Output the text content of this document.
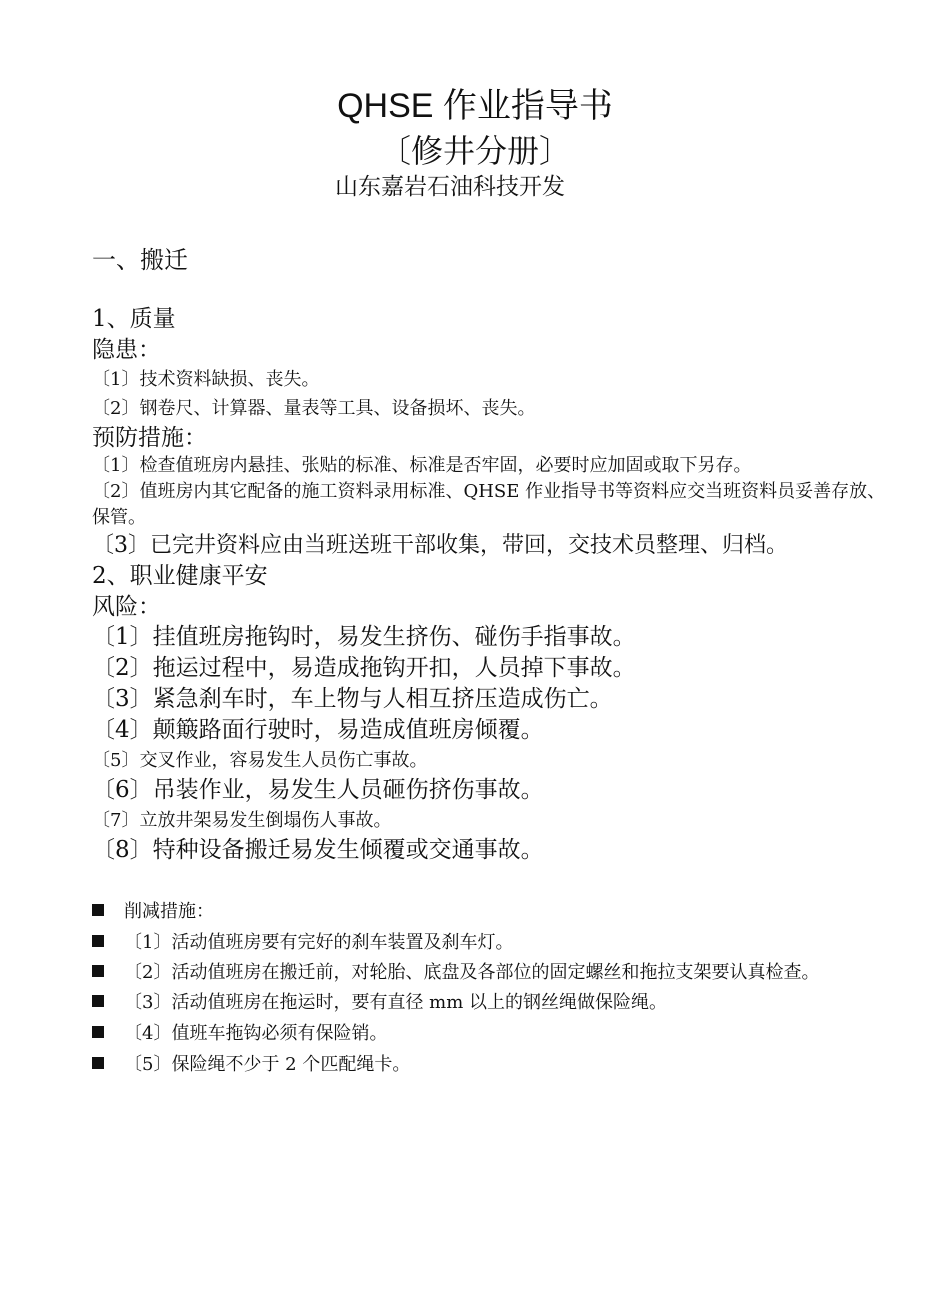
QHSE 作业指导书
〔修井分册〕
山东嘉岩石油科技开发

一、搬迁

1、质量

隐患：

〔1〕技术资料缺损、丧失。

〔2〕钢卷尺、计算器、量表等工具、设备损坏、丧失。

预防措施：

〔1〕检查值班房内悬挂、张贴的标准、标准是否牢固，必要时应加固或取下另存。

〔2〕值班房内其它配备的施工资料录用标准、QHSE 作业指导书等资料应交当班资料员妥善存放、保管。

〔3〕已完井资料应由当班送班干部收集，带回，交技术员整理、归档。

2、职业健康平安

风险：

〔1〕挂值班房拖钩时，易发生挤伤、碰伤手指事故。

〔2〕拖运过程中，易造成拖钩开扣，人员掉下事故。

〔3〕紧急刹车时，车上物与人相互挤压造成伤亡。

〔4〕颠簸路面行驶时，易造成值班房倾覆。

〔5〕交叉作业，容易发生人员伤亡事故。

〔6〕吊装作业，易发生人员砸伤挤伤事故。

〔7〕立放井架易发生倒塌伤人事故。

〔8〕特种设备搬迁易发生倾覆或交通事故。

削减措施：

〔1〕活动值班房要有完好的刹车装置及刹车灯。

〔2〕活动值班房在搬迁前，对轮胎、底盘及各部位的固定螺丝和拖拉支架要认真检查。

〔3〕活动值班房在拖运时，要有直径 mm 以上的钢丝绳做保险绳。

〔4〕值班车拖钩必须有保险销。

〔5〕保险绳不少于 2 个匹配绳卡。
